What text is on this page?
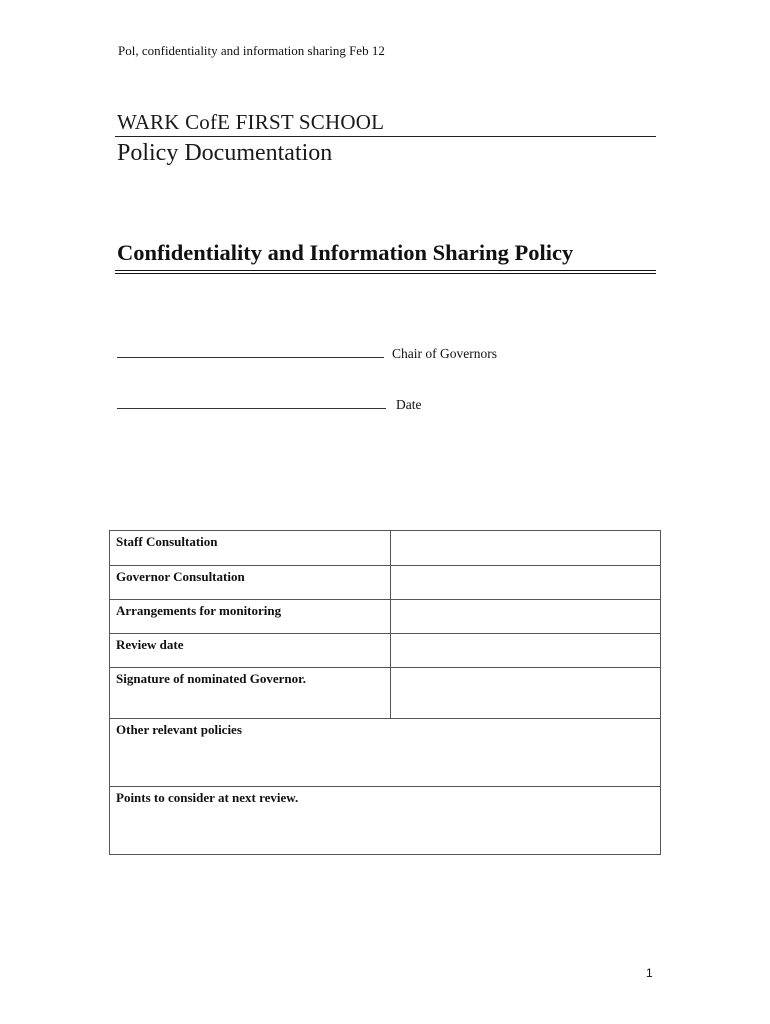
Pol, confidentiality and information sharing Feb 12
WARK CofE FIRST SCHOOL
Policy Documentation
Confidentiality and Information Sharing Policy
Chair of Governors
Date
Staff Consultation	
Governor Consultation	
Arrangements for monitoring	
Review date	
Signature of nominated Governor.	
Other relevant policies	
Points to consider at next review.	
1
